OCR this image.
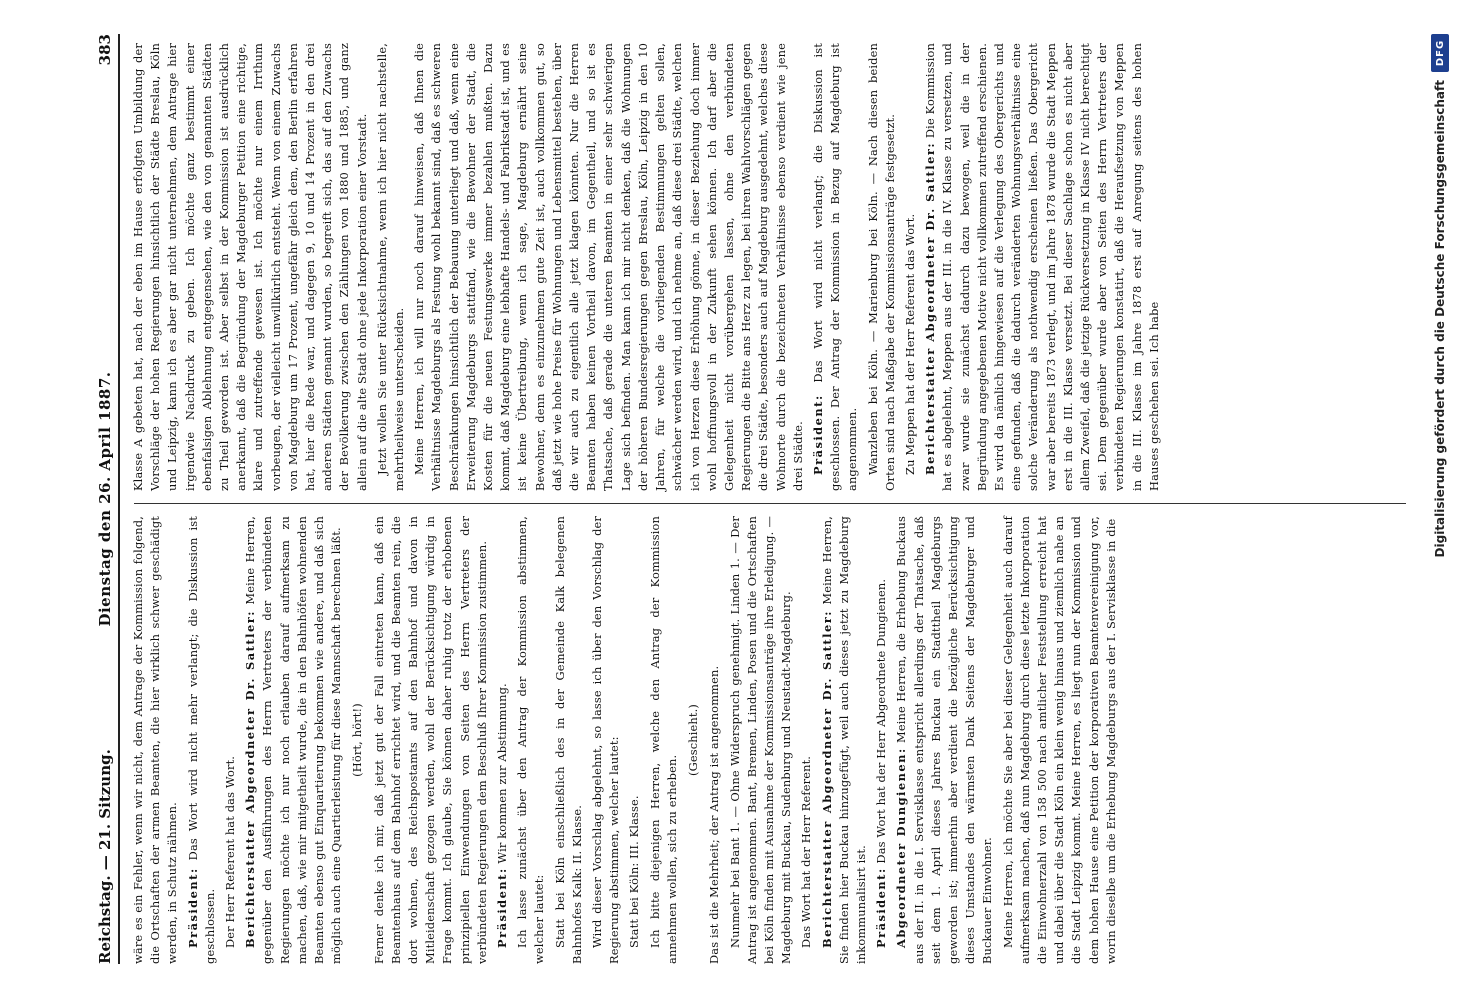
Reichstag. — 21. Sitzung.
Dienstag den 26. April 1887.
383

wäre es ein Fehler, wenn wir nicht, dem Antrage der Kommission folgend, die Ortschaften der armen Beamten, die hier wirklich schwer geschädigt werden, in Schutz nähmen. Präsident: Das Wort wird nicht mehr verlangt; die Diskussion ist geschlossen. Der Herr Referent hat das Wort. Berichterstatter Abgeordneter Dr. Sattler: Meine Herren, gegenüber den Ausführungen des Herrn Vertreters der verbündeten Regierungen möchte ich nur noch erlauben darauf aufmerksam zu machen, daß, wie mir mitgetheilt wurde, die in den Bahnhöfen wohnenden Beamten ebenso gut Einquartierung bekommen wie andere, und daß sich möglich auch eine Quartierleistung für diese Mannschaft berechnen läßt. (Hört, hört!) Ferner denke ich mir, daß jetzt gut der Fall eintreten kann, daß ein Beamtenhaus auf dem Bahnhof errichtet wird, und die Beamten rein, die dort wohnen, des Reichspostamts auf den Bahnhof und davon in Mitleidenschaft gezogen werden, wohl der Berücksichtigung würdig in Frage kommt. Ich glaube, Sie können daher ruhig trotz der erhobenen prinzipiellen Einwendungen von Seiten des Herrn Vertreters der verbündeten Regierungen dem Beschluß Ihrer Kommission zustimmen. Präsident: Wir kommen zur Abstimmung. Ich lasse zunächst über den Antrag der Kommission abstimmen, welcher lautet: Statt bei Köln einschließlich des in der Gemeinde Kalk belegenen Bahnhofes Kalk: II. Klasse. Wird dieser Vorschlag abgelehnt, so lasse ich über den Vorschlag der Regierung abstimmen, welcher lautet: Statt bei Köln: III. Klasse. Ich bitte diejenigen Herren, welche den Antrag der Kommission annehmen wollen, sich zu erheben.

(Geschieht.) Das ist die Mehrheit; der Antrag ist angenommen. Nunmehr bei Bant 1. — Ohne Widerspruch genehmigt. Linden 1. — Der Antrag ist angenommen. Bant, Bremen, Linden, Posen und die Ortschaften bei Köln finden mit Ausnahme der Kommissionsanträge ihre Erledigung. — Magdeburg mit Buckau, Sudenburg und Neustadt-Magdeburg. Das Wort hat der Herr Referent. Berichterstatter Abgeordneter Dr. Sattler: Meine Herren, Sie finden hier Buckau hinzugefügt, weil auch dieses jetzt zu Magdeburg inkommunalisirt ist. Präsident: Das Wort hat der Herr Abgeordnete Dungienen. Abgeordneter Dungienen: Meine Herren, die Erhebung Buckaus aus der II. in die I. Servisklasse entspricht allerdings der Thatsache, daß seit dem 1. April dieses Jahres Buckau ein Stadttheil Magdeburgs geworden ist; immerhin aber verdient die bezügliche Berücksichtigung dieses Umstandes den wärmsten Dank Seitens der Magdeburger und Buckauer Einwohner. Meine Herren, ich möchte Sie aber bei dieser Gelegenheit auch darauf aufmerksam machen, daß nun Magdeburg durch diese letzte Inkorporation die Einwohnerzahl von 158 500 nach amtlicher Feststellung erreicht hat und dabei über die Stadt Köln ein klein wenig hinaus und ziemlich nahe an die Stadt Leipzig kommt. Meine Herren, es liegt nun der Kommission und dem hohen Hause eine Petition der korporativen Beamtenvereinigung vor, worin dieselbe um die Erhebung Magdeburgs aus der I. Servisklasse in die

Klasse A gebeten hat, nach der eben im Hause erfolgten Umbildung der Vorschläge der hohen Regierungen hinsichtlich der Städte Breslau, Köln und Leipzig, kann ich es aber gar nicht unternehmen, dem Antrage hier irgendwie Nachdruck zu geben. Ich möchte ganz bestimmt einer ebenfalsigen Ablehnung entgegensehen, wie den von genannten Städten zu Theil geworden ist. Aber selbst in der Kommission ist ausdrücklich anerkannt, daß die Begründung der Magdeburger Petition eine richtige, klare und zutreffende gewesen ist. Ich möchte nur einem Irrthum vorbeugen, der vielleicht unwillkürlich entsteht. Wenn von einem Zuwachs von Magdeburg um 17 Prozent, ungefähr gleich dem, den Berlin erfahren hat, hier die Rede war, und dagegen 9, 10 und 14 Prozent in den drei anderen Städten genannt wurden, so begreift sich, das auf den Zuwachs der Bevölkerung zwischen den Zählungen von 1880 und 1885, und ganz allein auf die alte Stadt ohne jede Inkorporation einer Vorstadt. Jetzt wollen Sie unter Rücksichtnahme, wenn ich hier nicht nachstelle, mehrtheilweise unterscheiden. Meine Herren, ich will nur noch darauf hinweisen, daß Ihnen die Verhältnisse Magdeburgs als Festung wohl bekannt sind, daß es schweren Beschränkungen hinsichtlich der Bebauung unterliegt und daß, wenn eine Erweiterung Magdeburgs stattfand, wie die Bewohner der Stadt, die Kosten für die neuen Festungswerke immer bezahlen mußten. Dazu kommt, daß Magdeburg eine lebhafte Handels- und Fabrikstadt ist, und es ist keine Übertreibung, wenn ich sage, Magdeburg ernährt seine Bewohner, denn es einzunehmen gute Zeit ist, auch vollkommen gut, so daß jetzt wie hohe Preise für Wohnungen und Lebensmittel bestehen, über die wir auch zu eigentlich alle jetzt klagen könnten. Nur die Herren Beamten haben keinen Vortheil davon, im Gegentheil, und so ist es Thatsache, daß gerade die unteren Beamten in einer sehr schwierigen Lage sich befinden. Man kann ich mir nicht denken, daß die Wohnungen der höheren Bundesregierungen gegen Breslau, Köln, Leipzig in den 10 Jahren, für welche die vorliegenden Bestimmungen gelten sollen, schwächer werden wird, und ich nehme an, daß diese drei Städte, welchen ich von Herzen diese Erhöhung gönne, in dieser Beziehung doch immer wohl hoffnungsvoll in der Zukunft sehen können. Ich darf aber die Gelegenheit nicht vorübergehen lassen, ohne den verbündeten Regierungen die Bitte ans Herz zu legen, bei ihren Wahlvorschlägen gegen die drei Städte, besonders auch auf Magdeburg ausgedehnt, welches diese Wohnorte durch die bezeichneten Verhältnisse ebenso verdient wie jene drei Städte. Präsident: Das Wort wird nicht verlangt; die Diskussion ist geschlossen. Der Antrag der Kommission in Bezug auf Magdeburg ist angenommen. Wanzleben bei Köln. — Marienburg bei Köln. — Nach diesen beiden Orten sind nach Maßgabe der Kommissionsanträge festgesetzt. Zu Meppen hat der Herr Referent das Wort. Berichterstatter Abgeordneter Dr. Sattler: Die Kommission hat es abgelehnt, Meppen aus der III. in die IV. Klasse zu versetzen, und zwar wurde sie zunächst dadurch dazu bewogen, weil die in der Begründung angegebenen Motive nicht vollkommen zutreffend erschienen. Es wird da nämlich hingewiesen auf die Verlegung des Obergerichts und eine gefunden, daß die dadurch veränderten Wohnungsverhältnisse eine solche Veränderung als nothwendig erscheinen ließen. Das Obergericht war aber bereits 1873 verlegt, und im Jahre 1878 wurde die Stadt Meppen erst in die III. Klasse versetzt. Bei dieser Sachlage schon es nicht aber allem Zweifel, daß die jetzige Rückversetzung in Klasse IV nicht berechtigt sei. Dem gegenüber wurde aber von Seiten des Herrn Vertreters der verbündeten Regierungen konstatirt, daß die Heraufsetzung von Meppen in die III. Klasse im Jahre 1878 erst auf Anregung seitens des hohen Hauses geschehen sei. Ich habe	Digitalisierung gefördert durch die Deutsche Forschungsgemeinschaft
DFG
